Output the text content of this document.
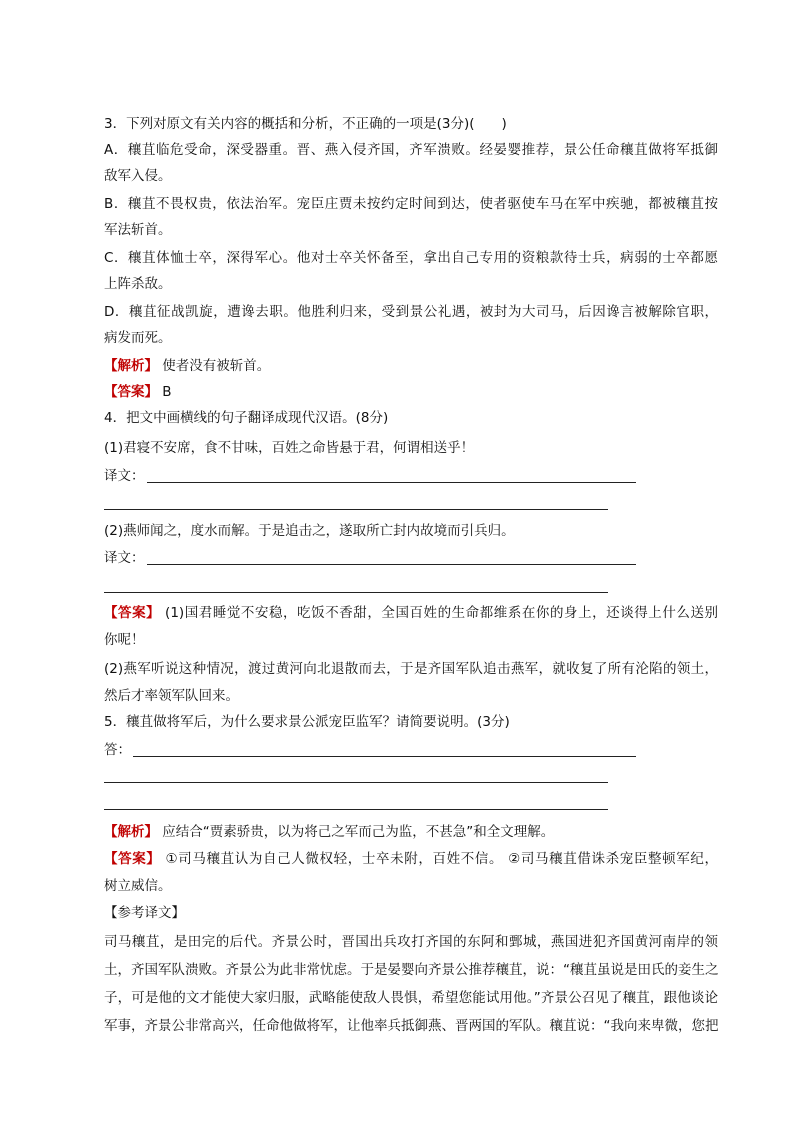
3．下列对原文有关内容的概括和分析，不正确的一项是(3分)(　　)
A．穰苴临危受命，深受器重。晋、燕入侵齐国，齐军溃败。经晏婴推荐，景公任命穰苴做将军抵御
敌军入侵。
B．穰苴不畏权贵，依法治军。宠臣庄贾未按约定时间到达，使者驱使车马在军中疾驰，都被穰苴按
军法斩首。
C．穰苴体恤士卒，深得军心。他对士卒关怀备至，拿出自己专用的资粮款待士兵，病弱的士卒都愿
上阵杀敌。
D．穰苴征战凯旋，遭谗去职。他胜利归来，受到景公礼遇，被封为大司马，后因谗言被解除官职，
病发而死。
【解析】 使者没有被斩首。
【答案】 B
4．把文中画横线的句子翻译成现代汉语。(8分)
(1)君寝不安席，食不甘味，百姓之命皆悬于君，何谓相送乎！
译文：
(2)燕师闻之，度水而解。于是追击之，遂取所亡封内故境而引兵归。
译文：
【答案】 (1)国君睡觉不安稳，吃饭不香甜，全国百姓的生命都维系在你的身上，还谈得上什么送别
你呢！
(2)燕军听说这种情况，渡过黄河向北退散而去，于是齐国军队追击燕军，就收复了所有沦陷的领土，
然后才率领军队回来。
5．穰苴做将军后，为什么要求景公派宠臣监军？请简要说明。(3分)
答：
【解析】 应结合“贾素骄贵，以为将己之军而己为监，不甚急”和全文理解。
【答案】 ①司马穰苴认为自己人微权轻，士卒未附，百姓不信。 ②司马穰苴借诛杀宠臣整顿军纪，
树立威信。
【参考译文】
司马穰苴，是田完的后代。齐景公时，晋国出兵攻打齐国的东阿和鄄城，燕国进犯齐国黄河南岸的领
土，齐国军队溃败。齐景公为此非常忧虑。于是晏婴向齐景公推荐穰苴，说：“穰苴虽说是田氏的妾生之
子，可是他的文才能使大家归服，武略能使敌人畏惧，希望您能试用他。”齐景公召见了穰苴，跟他谈论
军事，齐景公非常高兴，任命他做将军，让他率兵抵御燕、晋两国的军队。穰苴说：“我向来卑微，您把
